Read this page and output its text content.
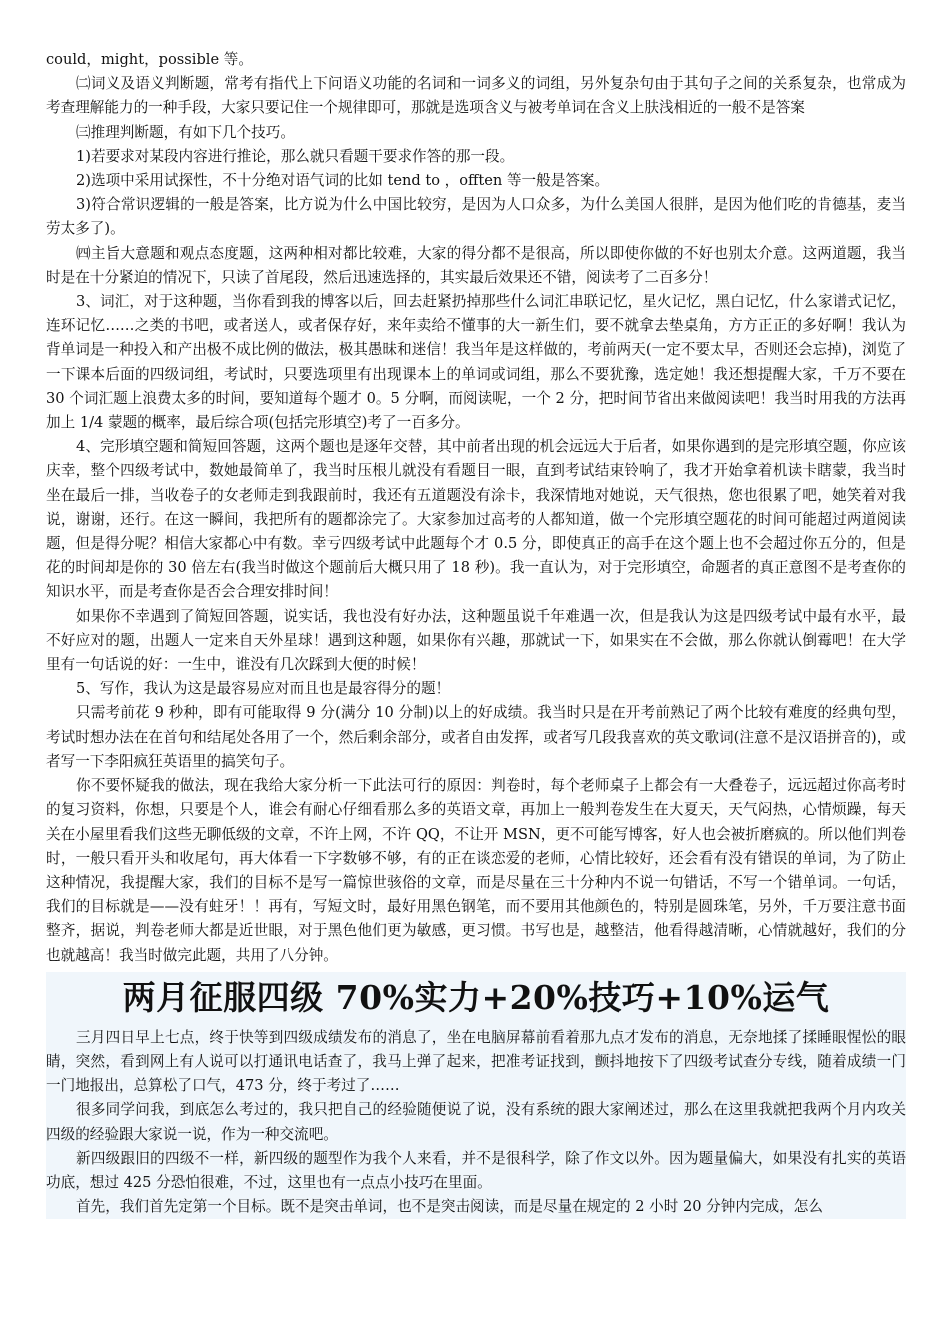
could，might，possible 等。

㈡词义及语义判断题，常考有指代上下问语义功能的名词和一词多义的词组，另外复杂句由于其句子之间的关系复杂，也常成为考查理解能力的一种手段，大家只要记住一个规律即可，那就是选项含义与被考单词在含义上肤浅相近的一般不是答案

㈢推理判断题，有如下几个技巧。

1)若要求对某段内容进行推论，那么就只看题干要求作答的那一段。

2)选项中采用试探性，不十分绝对语气词的比如 tend to ，offten 等一般是答案。

3)符合常识逻辑的一般是答案，比方说为什么中国比较穷，是因为人口众多，为什么美国人很胖，是因为他们吃的肯德基，麦当劳太多了)。

㈣主旨大意题和观点态度题，这两种相对都比较难，大家的得分都不是很高，所以即使你做的不好也别太介意。这两道题，我当时是在十分紧迫的情况下，只读了首尾段，然后迅速选择的，其实最后效果还不错，阅读考了二百多分！

3、词汇，对于这种题，当你看到我的博客以后，回去赶紧扔掉那些什么词汇串联记忆，星火记忆，黑白记忆，什么家谱式记忆，连环记忆……之类的书吧，或者送人，或者保存好，来年卖给不懂事的大一新生们，要不就拿去垫桌角，方方正正的多好啊！我认为背单词是一种投入和产出极不成比例的做法，极其愚昧和迷信！我当年是这样做的，考前两天(一定不要太早，否则还会忘掉)，浏览了一下课本后面的四级词组，考试时，只要选项里有出现课本上的单词或词组，那么不要犹豫，选定她！我还想提醒大家，千万不要在 30 个词汇题上浪费太多的时间，要知道每个题才 0。5 分啊，而阅读呢，一个 2 分，把时间节省出来做阅读吧！我当时用我的方法再加上 1/4 蒙题的概率，最后综合项(包括完形填空)考了一百多分。

4、完形填空题和简短回答题，这两个题也是逐年交替，其中前者出现的机会远远大于后者，如果你遇到的是完形填空题，你应该庆幸，整个四级考试中，数她最简单了，我当时压根儿就没有看题目一眼，直到考试结束铃响了，我才开始拿着机读卡瞎蒙，我当时坐在最后一排，当收卷子的女老师走到我跟前时，我还有五道题没有涂卡，我深情地对她说，天气很热，您也很累了吧，她笑着对我说，谢谢，还行。在这一瞬间，我把所有的题都涂完了。大家参加过高考的人都知道，做一个完形填空题花的时间可能超过两道阅读题，但是得分呢？相信大家都心中有数。幸亏四级考试中此题每个才 0.5 分，即使真正的高手在这个题上也不会超过你五分的，但是花的时间却是你的 30 倍左右(我当时做这个题前后大概只用了 18 秒)。我一直认为，对于完形填空，命题者的真正意图不是考查你的知识水平，而是考查你是否会合理安排时间！

如果你不幸遇到了简短回答题，说实话，我也没有好办法，这种题虽说千年难遇一次，但是我认为这是四级考试中最有水平，最不好应对的题，出题人一定来自天外星球！遇到这种题，如果你有兴趣，那就试一下，如果实在不会做，那么你就认倒霉吧！在大学里有一句话说的好：一生中，谁没有几次踩到大便的时候！

5、写作，我认为这是最容易应对而且也是最容得分的题！

只需考前花 9 秒种，即有可能取得 9 分(满分 10 分制)以上的好成绩。我当时只是在开考前熟记了两个比较有难度的经典句型，考试时想办法在在首句和结尾处各用了一个，然后剩余部分，或者自由发挥，或者写几段我喜欢的英文歌词(注意不是汉语拼音的)，或者写一下李阳疯狂英语里的搞笑句子。

你不要怀疑我的做法，现在我给大家分析一下此法可行的原因：判卷时，每个老师桌子上都会有一大叠卷子，远远超过你高考时的复习资料，你想，只要是个人，谁会有耐心仔细看那么多的英语文章，再加上一般判卷发生在大夏天，天气闷热，心情烦躁，每天关在小屋里看我们这些无聊低级的文章，不许上网，不许 QQ，不让开 MSN，更不可能写博客，好人也会被折磨疯的。所以他们判卷时，一般只看开头和收尾句，再大体看一下字数够不够，有的正在谈恋爱的老师，心情比较好，还会看有没有错误的单词，为了防止这种情况，我提醒大家，我们的目标不是写一篇惊世骇俗的文章，而是尽量在三十分种内不说一句错话，不写一个错单词。一句话，我们的目标就是——没有蛀牙！！再有，写短文时，最好用黑色钢笔，而不要用其他颜色的，特别是圆珠笔，另外，千万要注意书面整齐，据说，判卷老师大都是近世眼，对于黑色他们更为敏感，更习惯。书写也是，越整洁，他看得越清晰，心情就越好，我们的分也就越高！我当时做完此题，共用了八分钟。

两月征服四级 70%实力+20%技巧+10%运气

三月四日早上七点，终于快等到四级成绩发布的消息了，坐在电脑屏幕前看着那九点才发布的消息，无奈地揉了揉睡眼惺忪的眼睛，突然，看到网上有人说可以打通讯电话查了，我马上弹了起来，把准考证找到，颤抖地按下了四级考试查分专线，随着成绩一门一门地报出，总算松了口气，473 分，终于考过了……

很多同学问我，到底怎么考过的，我只把自己的经验随便说了说，没有系统的跟大家阐述过，那么在这里我就把我两个月内攻关四级的经验跟大家说一说，作为一种交流吧。

新四级跟旧的四级不一样，新四级的题型作为我个人来看，并不是很科学，除了作文以外。因为题量偏大，如果没有扎实的英语功底，想过 425 分恐怕很难，不过，这里也有一点点小技巧在里面。

首先，我们首先定第一个目标。既不是突击单词，也不是突击阅读，而是尽量在规定的 2 小时 20 分钟内完成，怎么
